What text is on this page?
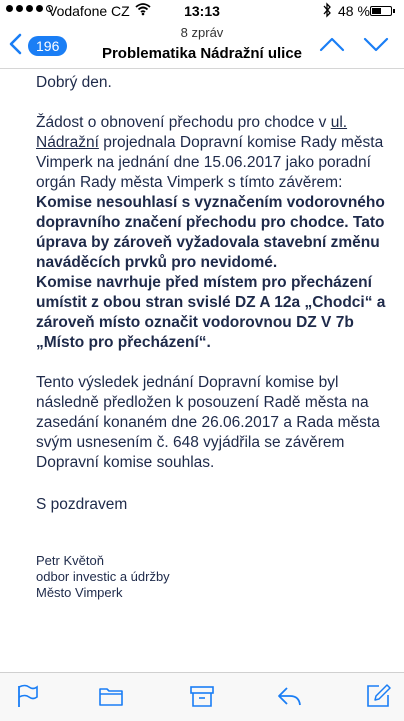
Vodafone CZ	13:13	48 %
196
8 zpráv
Problematika Nádražní ulice

Dobrý den.

Žádost o obnovení přechodu pro chodce v ul.
Nádražní projednala Dopravní komise Rady města Vimperk na jednání dne 15.06.2017 jako poradní orgán Rady města Vimperk s tímto závěrem:

Komise nesouhlasí s vyznačením vodorovného dopravního značení přechodu pro chodce. Tato úprava by zároveň vyžadovala stavební změnu naváděcích prvků pro nevidomé.

Komise navrhuje před místem pro přecházení umístit z obou stran svislé DZ A 12a „Chodci“ a zároveň místo označit vodorovnou DZ V 7b „Místo pro přecházení“.

Tento výsledek jednání Dopravní komise byl následně předložen k posouzení Radě města na zasedání konaném dne 26.06.2017 a Rada města svým usnesením č. 648 vyjádřila se závěrem Dopravní komise souhlas.

S pozdravem

Petr Květoň
odbor investic a údržby
Město Vimperk
